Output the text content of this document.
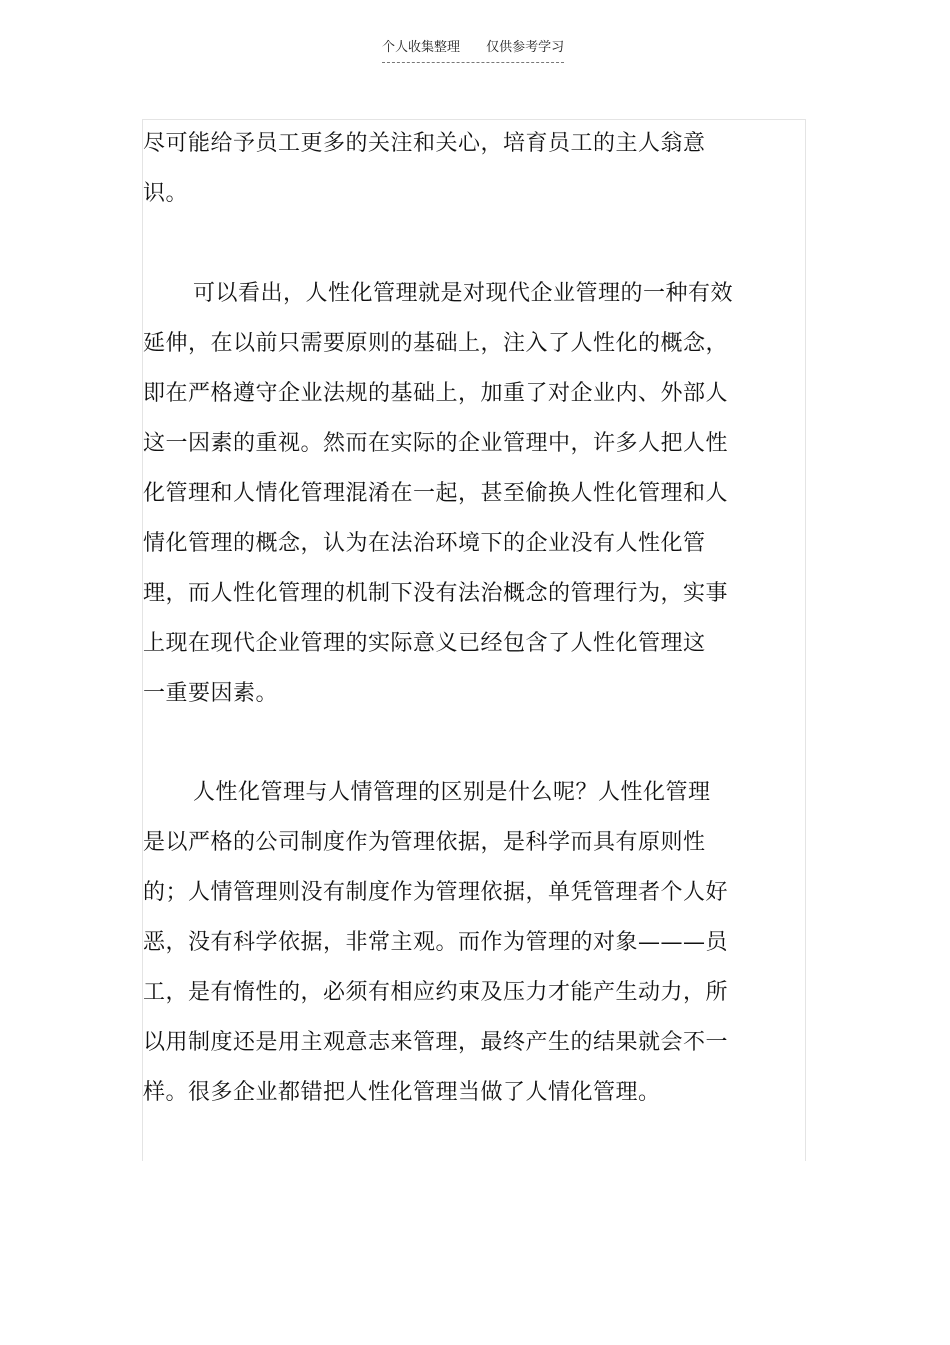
个人收集整理 仅供参考学习
尽可能给予员工更多的关注和关心，培育员工的主人翁意
识。
可以看出，人性化管理就是对现代企业管理的一种有效
延伸，在以前只需要原则的基础上，注入了人性化的概念，
即在严格遵守企业法规的基础上，加重了对企业内、外部人
这一因素的重视。然而在实际的企业管理中，许多人把人性
化管理和人情化管理混淆在一起，甚至偷换人性化管理和人
情化管理的概念，认为在法治环境下的企业没有人性化管
理，而人性化管理的机制下没有法治概念的管理行为，实事
上现在现代企业管理的实际意义已经包含了人性化管理这
一重要因素。
人性化管理与人情管理的区别是什么呢？人性化管理
是以严格的公司制度作为管理依据，是科学而具有原则性
的；人情管理则没有制度作为管理依据，单凭管理者个人好
恶，没有科学依据，非常主观。而作为管理的对象———员
工，是有惰性的，必须有相应约束及压力才能产生动力，所
以用制度还是用主观意志来管理，最终产生的结果就会不一
样。很多企业都错把人性化管理当做了人情化管理。
